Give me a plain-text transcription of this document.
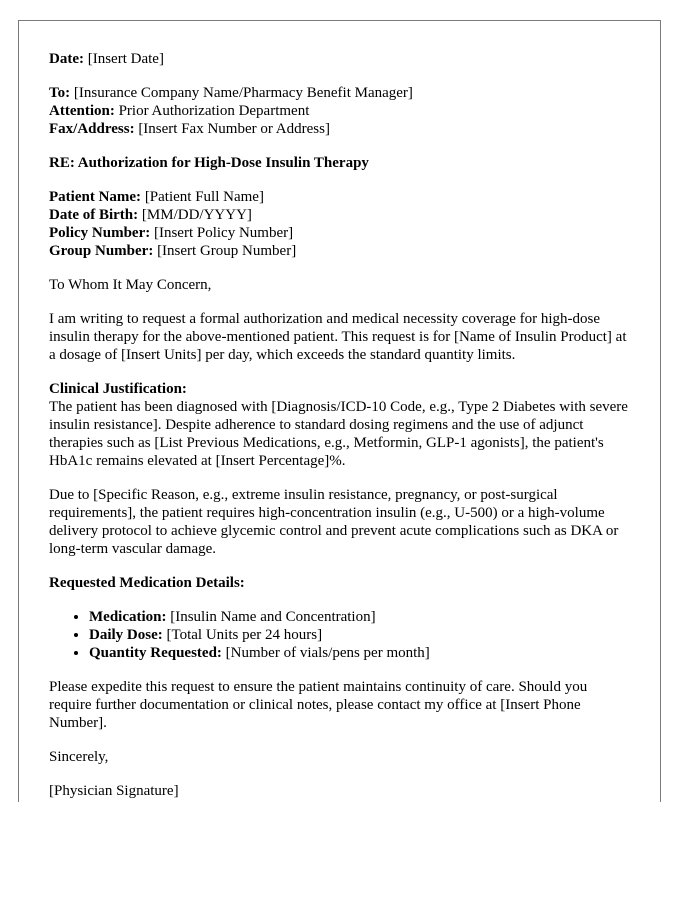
Date: [Insert Date]
To: [Insurance Company Name/Pharmacy Benefit Manager]
Attention: Prior Authorization Department
Fax/Address: [Insert Fax Number or Address]

RE: Authorization for High-Dose Insulin Therapy

Patient Name: [Patient Full Name]
Date of Birth: [MM/DD/YYYY]
Policy Number: [Insert Policy Number]
Group Number: [Insert Group Number]

To Whom It May Concern,

I am writing to request a formal authorization and medical necessity coverage for high-dose insulin therapy for the above-mentioned patient. This request is for [Name of Insulin Product] at a dosage of [Insert Units] per day, which exceeds the standard quantity limits.

Clinical Justification:
The patient has been diagnosed with [Diagnosis/ICD-10 Code, e.g., Type 2 Diabetes with severe insulin resistance]. Despite adherence to standard dosing regimens and the use of adjunct therapies such as [List Previous Medications, e.g., Metformin, GLP-1 agonists], the patient's HbA1c remains elevated at [Insert Percentage]%.

Due to [Specific Reason, e.g., extreme insulin resistance, pregnancy, or post-surgical requirements], the patient requires high-concentration insulin (e.g., U-500) or a high-volume delivery protocol to achieve glycemic control and prevent acute complications such as DKA or long-term vascular damage.

Requested Medication Details:

• Medication: [Insulin Name and Concentration]
• Daily Dose: [Total Units per 24 hours]
• Quantity Requested: [Number of vials/pens per month]

Please expedite this request to ensure the patient maintains continuity of care. Should you require further documentation or clinical notes, please contact my office at [Insert Phone Number].

Sincerely,

[Physician Signature]
